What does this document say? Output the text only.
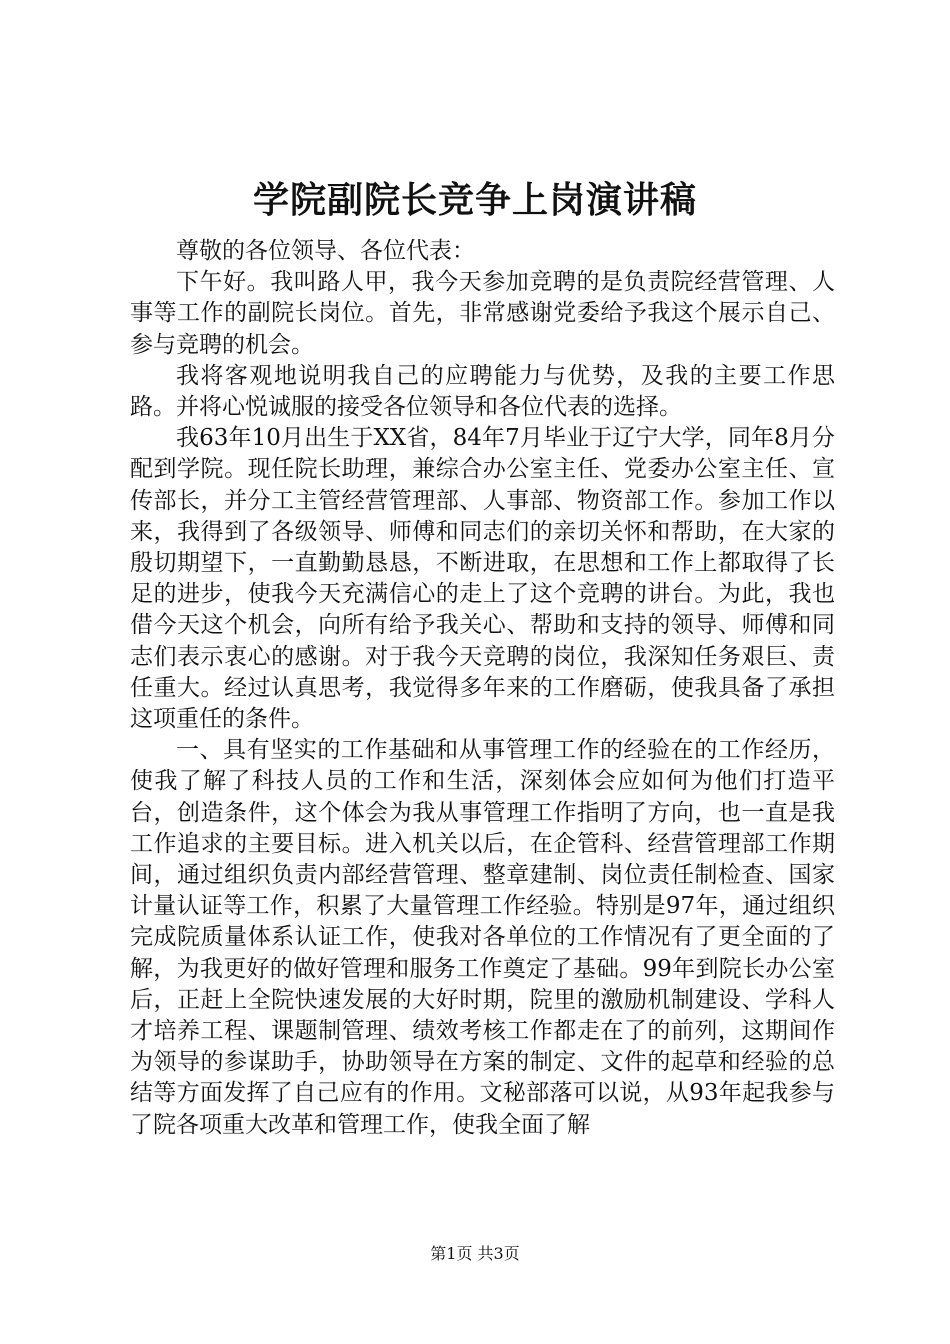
学院副院长竞争上岗演讲稿

尊敬的各位领导、各位代表：

下午好。我叫路人甲，我今天参加竞聘的是负责院经营管理、人事等工作的副院长岗位。首先，非常感谢党委给予我这个展示自己、参与竞聘的机会。

我将客观地说明我自己的应聘能力与优势，及我的主要工作思路。并将心悦诚服的接受各位领导和各位代表的选择。

我63年10月出生于XX省，84年7月毕业于辽宁大学，同年8月分配到学院。现任院长助理，兼综合办公室主任、党委办公室主任、宣传部长，并分工主管经营管理部、人事部、物资部工作。参加工作以来，我得到了各级领导、师傅和同志们的亲切关怀和帮助，在大家的殷切期望下，一直勤勤恳恳，不断进取，在思想和工作上都取得了长足的进步，使我今天充满信心的走上了这个竞聘的讲台。为此，我也借今天这个机会，向所有给予我关心、帮助和支持的领导、师傅和同志们表示衷心的感谢。对于我今天竞聘的岗位，我深知任务艰巨、责任重大。经过认真思考，我觉得多年来的工作磨砺，使我具备了承担这项重任的条件。

一、具有坚实的工作基础和从事管理工作的经验在的工作经历，使我了解了科技人员的工作和生活，深刻体会应如何为他们打造平台，创造条件，这个体会为我从事管理工作指明了方向，也一直是我工作追求的主要目标。进入机关以后，在企管科、经营管理部工作期间，通过组织负责内部经营管理、整章建制、岗位责任制检查、国家计量认证等工作，积累了大量管理工作经验。特别是97年，通过组织完成院质量体系认证工作，使我对各单位的工作情况有了更全面的了解，为我更好的做好管理和服务工作奠定了基础。99年到院长办公室后，正赶上全院快速发展的大好时期，院里的激励机制建设、学科人才培养工程、课题制管理、绩效考核工作都走在了的前列，这期间作为领导的参谋助手，协助领导在方案的制定、文件的起草和经验的总结等方面发挥了自己应有的作用。文秘部落可以说，从93年起我参与了院各项重大改革和管理工作，使我全面了解

第1页 共3页
